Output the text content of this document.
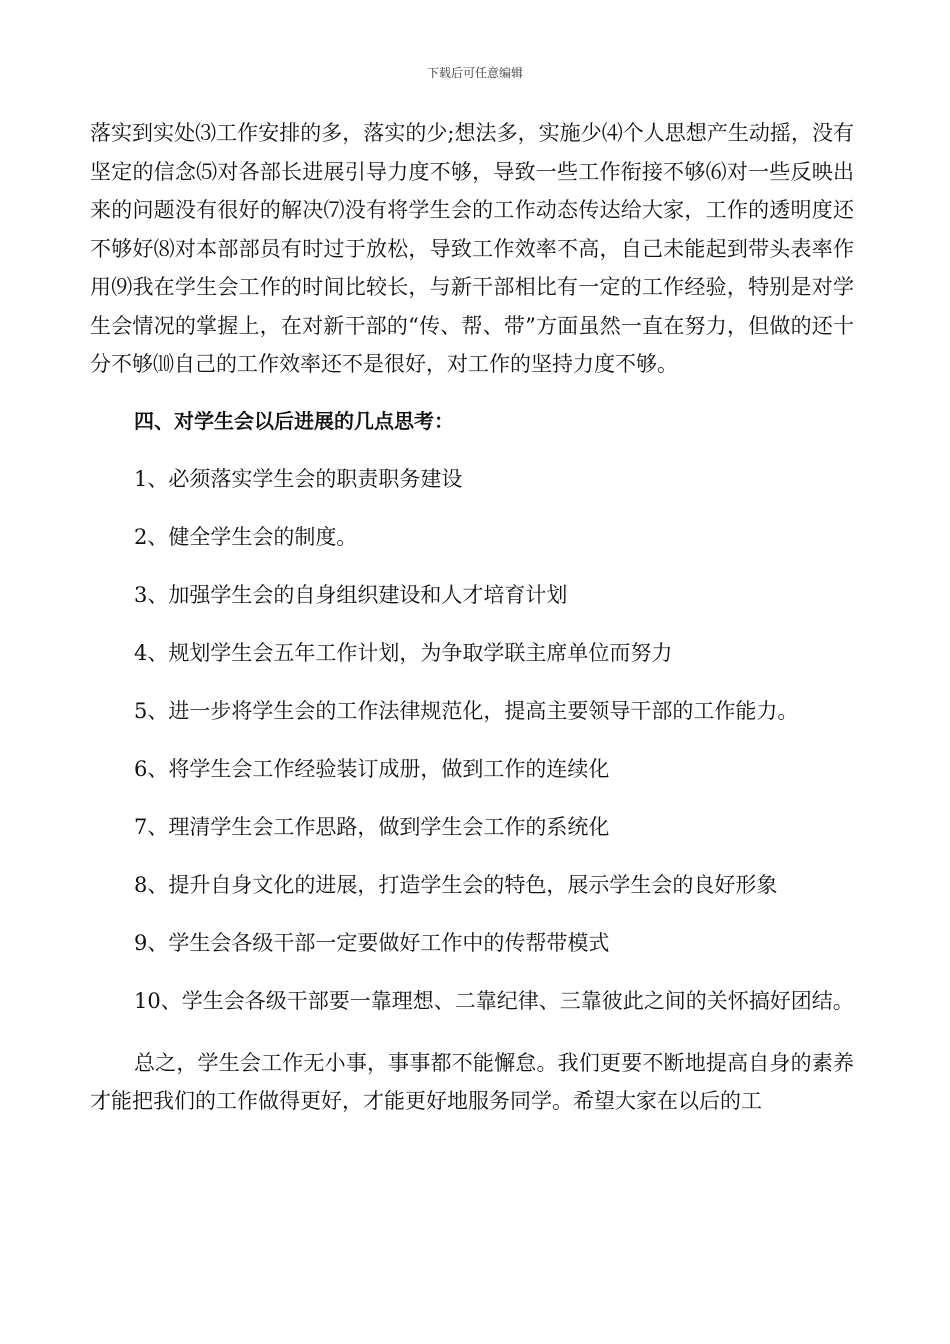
下载后可任意编辑

落实到实处⑶工作安排的多，落实的少;想法多，实施少⑷个人思想产生动摇，没有坚定的信念⑸对各部长进展引导力度不够，导致一些工作衔接不够⑹对一些反映出来的问题没有很好的解决⑺没有将学生会的工作动态传达给大家，工作的透明度还不够好⑻对本部部员有时过于放松，导致工作效率不高，自己未能起到带头表率作用⑼我在学生会工作的时间比较长，与新干部相比有一定的工作经验，特别是对学生会情况的掌握上，在对新干部的“传、帮、带”方面虽然一直在努力，但做的还十分不够⑽自己的工作效率还不是很好，对工作的坚持力度不够。

四、对学生会以后进展的几点思考：
1、必须落实学生会的职责职务建设
2、健全学生会的制度。
3、加强学生会的自身组织建设和人才培育计划
4、规划学生会五年工作计划，为争取学联主席单位而努力
5、进一步将学生会的工作法律规范化，提高主要领导干部的工作能力。
6、将学生会工作经验装订成册，做到工作的连续化
7、理清学生会工作思路，做到学生会工作的系统化
8、提升自身文化的进展，打造学生会的特色，展示学生会的良好形象
9、学生会各级干部一定要做好工作中的传帮带模式
10、学生会各级干部要一靠理想、二靠纪律、三靠彼此之间的关怀搞好团结。

总之，学生会工作无小事，事事都不能懈怠。我们更要不断地提高自身的素养才能把我们的工作做得更好，才能更好地服务同学。希望大家在以后的工
